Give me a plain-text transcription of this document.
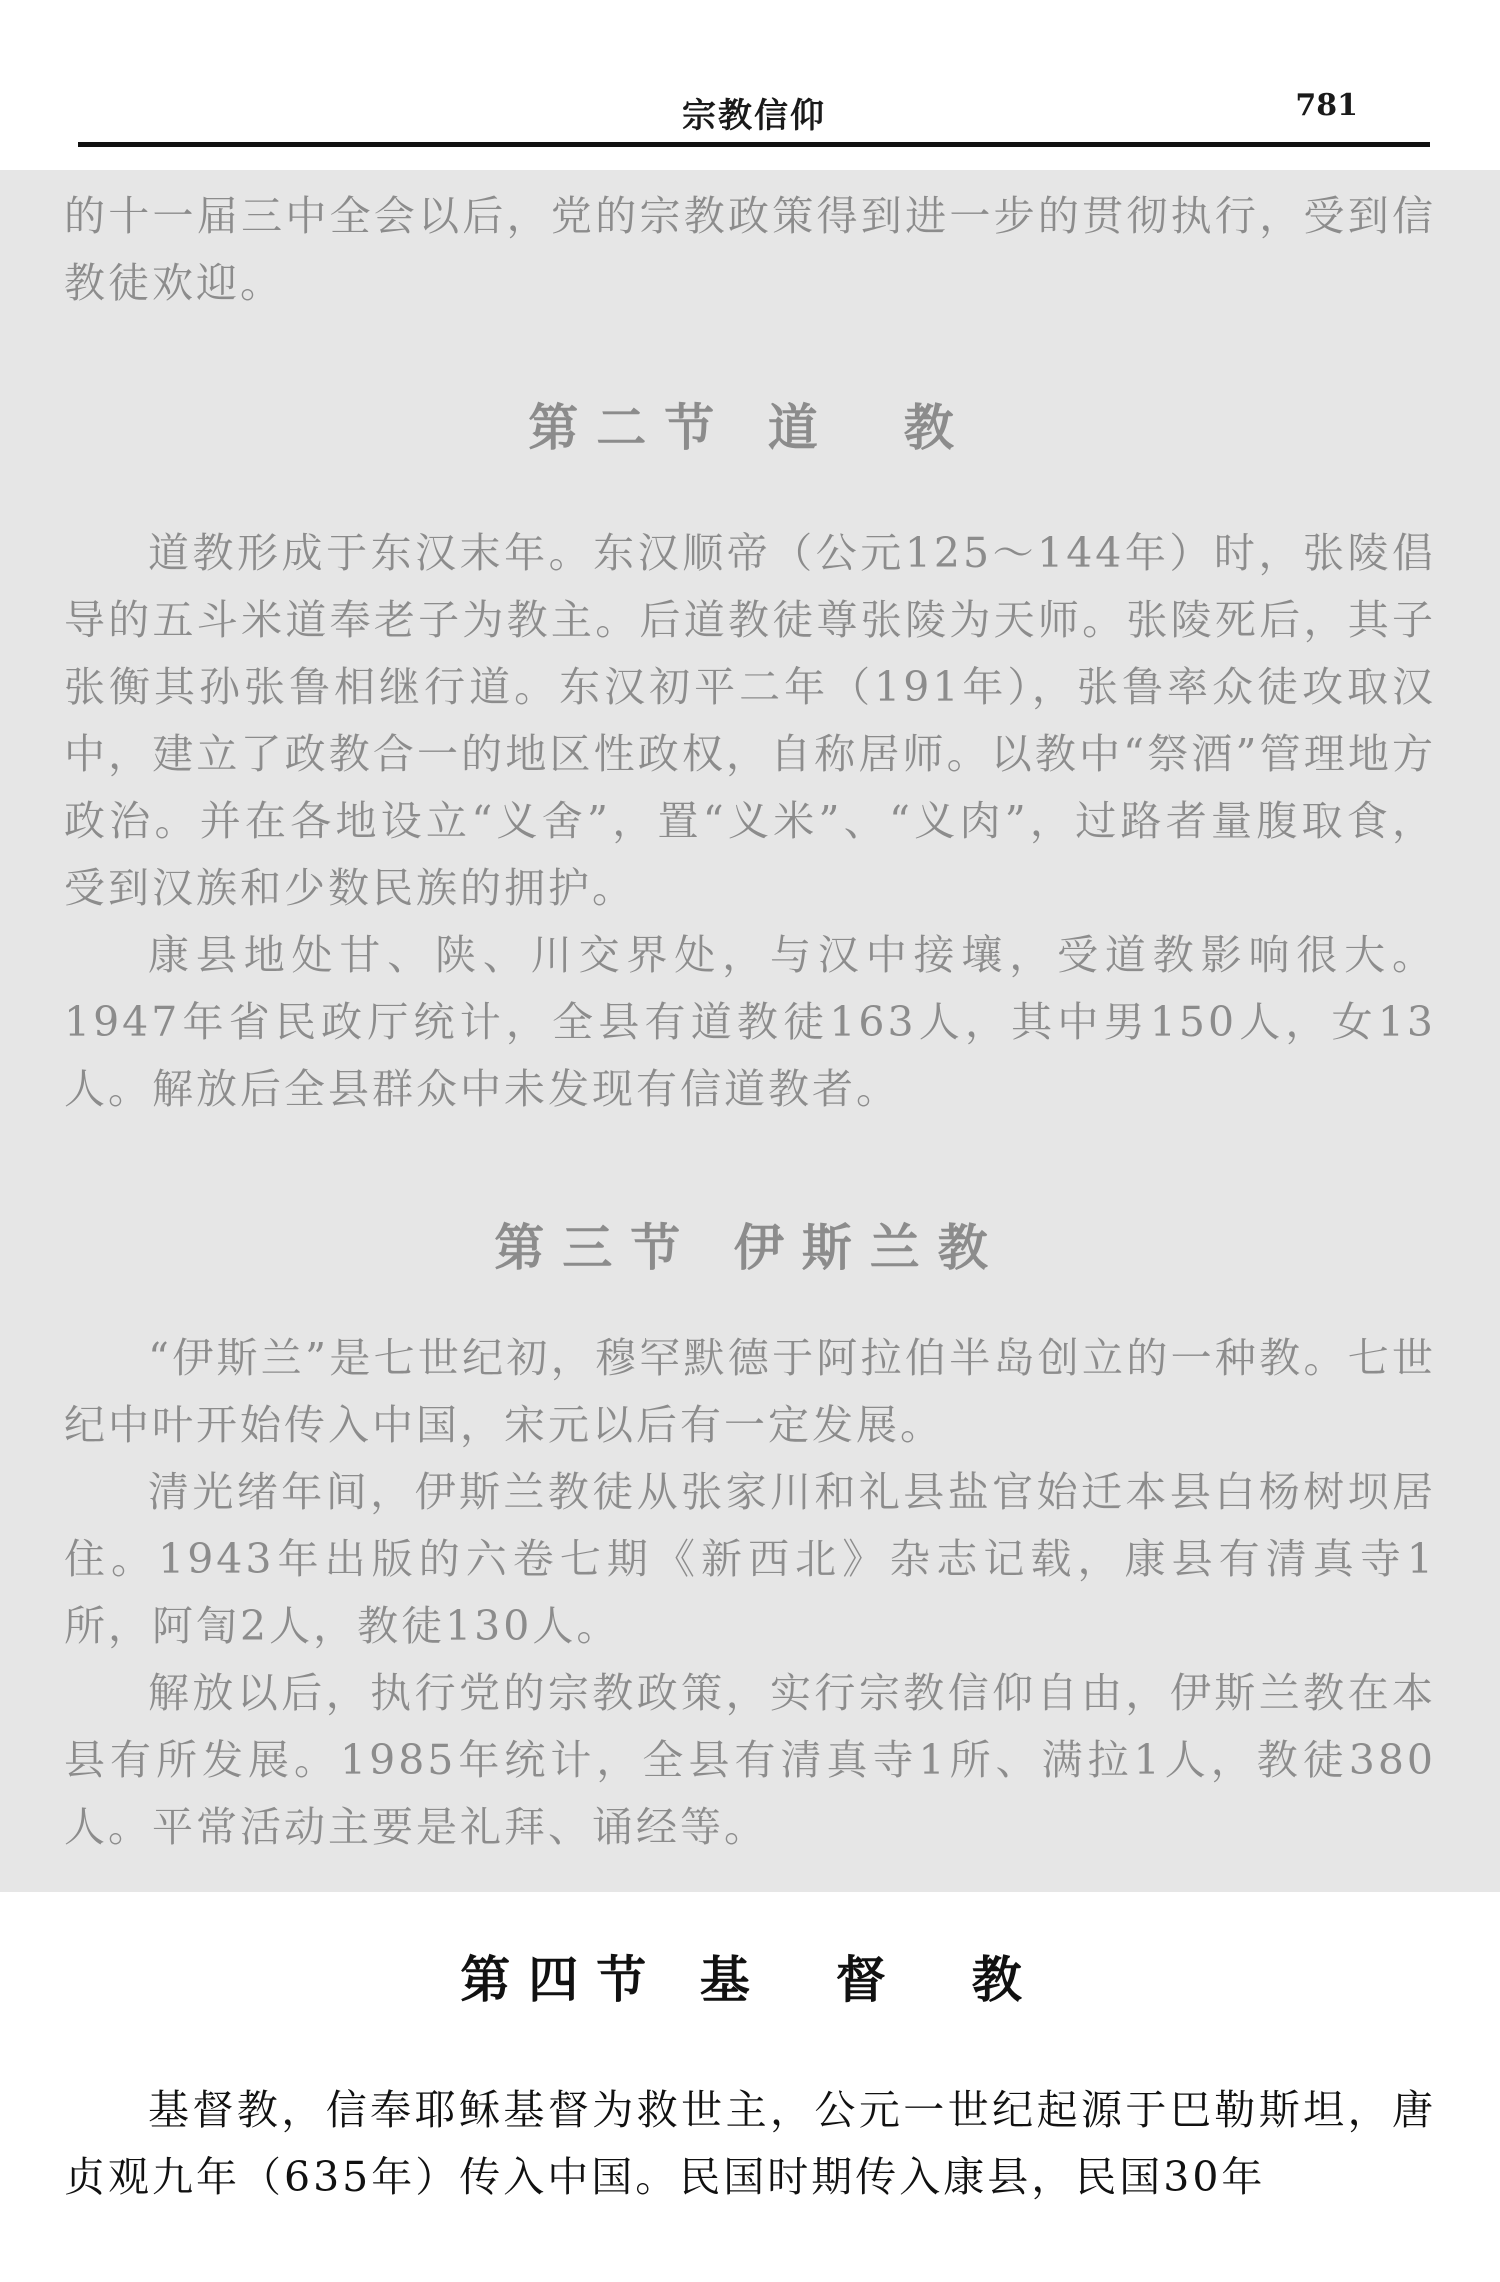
宗教信仰	781

的十一届三中全会以后，党的宗教政策得到进一步的贯彻执行，受到信教徒欢迎。

第二节 道　教

道教形成于东汉末年。东汉顺帝（公元125～144年）时，张陵倡导的五斗米道奉老子为教主。后道教徒尊张陵为天师。张陵死后，其子张衡其孙张鲁相继行道。东汉初平二年（191年），张鲁率众徒攻取汉中，建立了政教合一的地区性政权，自称居师。以教中“祭酒”管理地方政治。并在各地设立“义舍”，置“义米”、“义肉”，过路者量腹取食，受到汉族和少数民族的拥护。

康县地处甘、陕、川交界处，与汉中接壤，受道教影响很大。1947年省民政厅统计，全县有道教徒163人，其中男150人，女13人。解放后全县群众中未发现有信道教者。

第三节 伊斯兰教

“伊斯兰”是七世纪初，穆罕默德于阿拉伯半岛创立的一种教。七世纪中叶开始传入中国，宋元以后有一定发展。

清光绪年间，伊斯兰教徒从张家川和礼县盐官始迁本县白杨树坝居住。1943年出版的六卷七期《新西北》杂志记载，康县有清真寺1所，阿訇2人，教徒130人。

解放以后，执行党的宗教政策，实行宗教信仰自由，伊斯兰教在本县有所发展。1985年统计，全县有清真寺1所、满拉1人，教徒380人。平常活动主要是礼拜、诵经等。

第四节 基　督　教

基督教，信奉耶稣基督为救世主，公元一世纪起源于巴勒斯坦，唐贞观九年（635年）传入中国。民国时期传入康县，民国30年
